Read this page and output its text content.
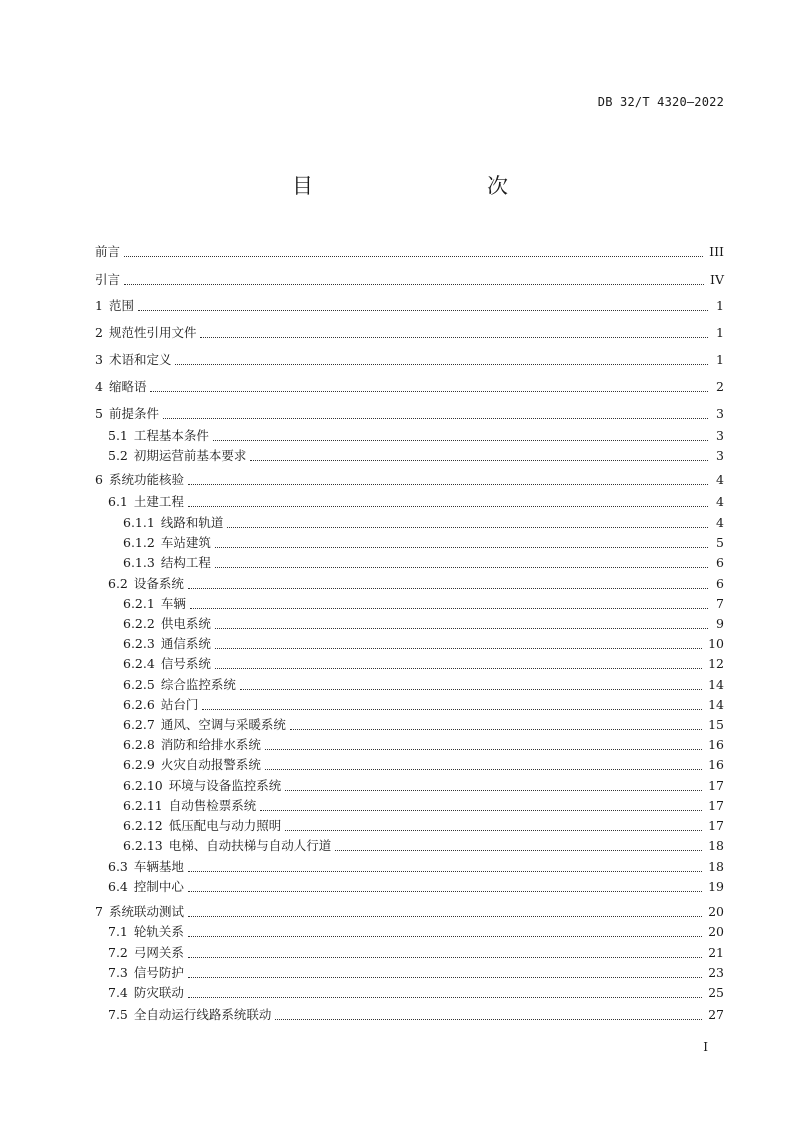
DB 32/T 4320—2022
目　　次
前言	III
引言	IV
1 范围	1
2 规范性引用文件	1
3 术语和定义	1
4 缩略语	2
5 前提条件	3
5.1 工程基本条件	3
5.2 初期运营前基本要求	3
6 系统功能核验	4
6.1 土建工程	4
6.1.1 线路和轨道	4
6.1.2 车站建筑	5
6.1.3 结构工程	6
6.2 设备系统	6
6.2.1 车辆	7
6.2.2 供电系统	9
6.2.3 通信系统	10
6.2.4 信号系统	12
6.2.5 综合监控系统	14
6.2.6 站台门	14
6.2.7 通风、空调与采暖系统	15
6.2.8 消防和给排水系统	16
6.2.9 火灾自动报警系统	16
6.2.10 环境与设备监控系统	17
6.2.11 自动售检票系统	17
6.2.12 低压配电与动力照明	17
6.2.13 电梯、自动扶梯与自动人行道	18
6.3 车辆基地	18
6.4 控制中心	19
7 系统联动测试	20
7.1 轮轨关系	20
7.2 弓网关系	21
7.3 信号防护	23
7.4 防灾联动	25
7.5 全自动运行线路系统联动	27
I
